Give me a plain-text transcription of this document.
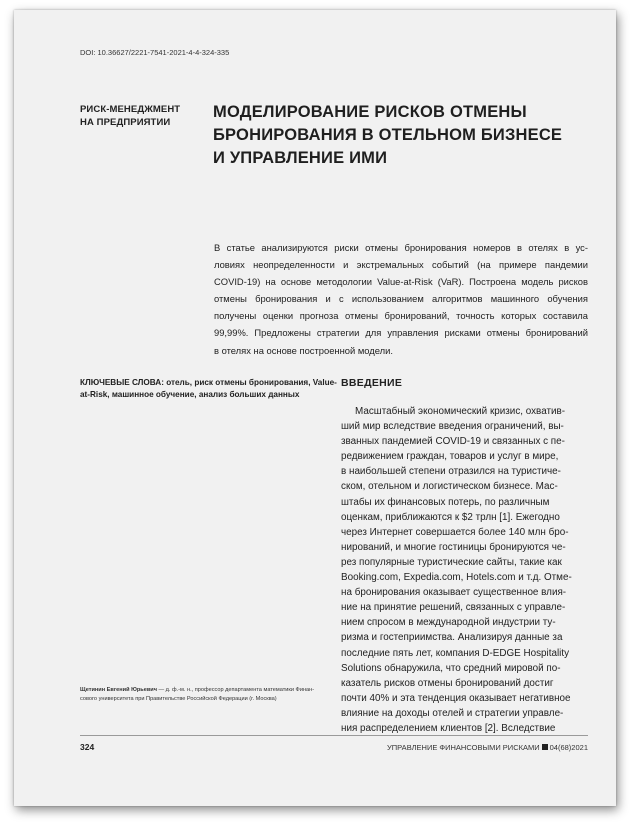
DOI: 10.36627/2221-7541-2021-4-4-324-335
РИСК-МЕНЕДЖМЕНТ
НА ПРЕДПРИЯТИИ
МОДЕЛИРОВАНИЕ РИСКОВ ОТМЕНЫ
БРОНИРОВАНИЯ В ОТЕЛЬНОМ БИЗНЕСЕ
И УПРАВЛЕНИЕ ИМИ
В статье анализируются риски отмены бронирования номеров в отелях в ус-
ловиях неопределенности и экстремальных событий (на примере пандемии
COVID-19) на основе методологии Value-at-Risk (VaR). Построена модель рисков
отмены бронирования и с использованием алгоритмов машинного обучения
получены оценки прогноза отмены бронирований, точность которых составила
99,99%. Предложены стратегии для управления рисками отмены бронирований
в отелях на основе построенной модели.
КЛЮЧЕВЫЕ СЛОВА: отель, риск отмены бронирования, Value-
at-Risk, машинное обучение, анализ больших данных
ВВЕДЕНИЕ
Масштабный экономический кризис, охватив-
ший мир вследствие введения ограничений, вы-
званных пандемией COVID-19 и связанных с пе-
редвижением граждан, товаров и услуг в мире,
в наибольшей степени отразился на туристиче-
ском, отельном и логистическом бизнесе. Мас-
штабы их финансовых потерь, по различным
оценкам, приближаются к $2 трлн [1]. Ежегодно
через Интернет совершается более 140 млн бро-
нирований, и многие гостиницы бронируются че-
рез популярные туристические сайты, такие как
Booking.com, Expedia.com, Hotels.com и т.д. Отме-
на бронирования оказывает существенное влия-
ние на принятие решений, связанных с управле-
нием спросом в международной индустрии ту-
ризма и гостеприимства. Анализируя данные за
последние пять лет, компания D-EDGE Hospitality
Solutions обнаружила, что средний мировой по-
казатель рисков отмены бронирований достиг
почти 40% и эта тенденция оказывает негативное
влияние на доходы отелей и стратегии управле-
ния распределением клиентов [2]. Вследствие
Щетинин Евгений Юрьевич — д. ф.-м. н., профессор департамента математики Финан-
сового университета при Правительстве Российской Федерации (г. Москва)
324	УПРАВЛЕНИЕ ФИНАНСОВЫМИ РИСКАМИ 04(68)2021
